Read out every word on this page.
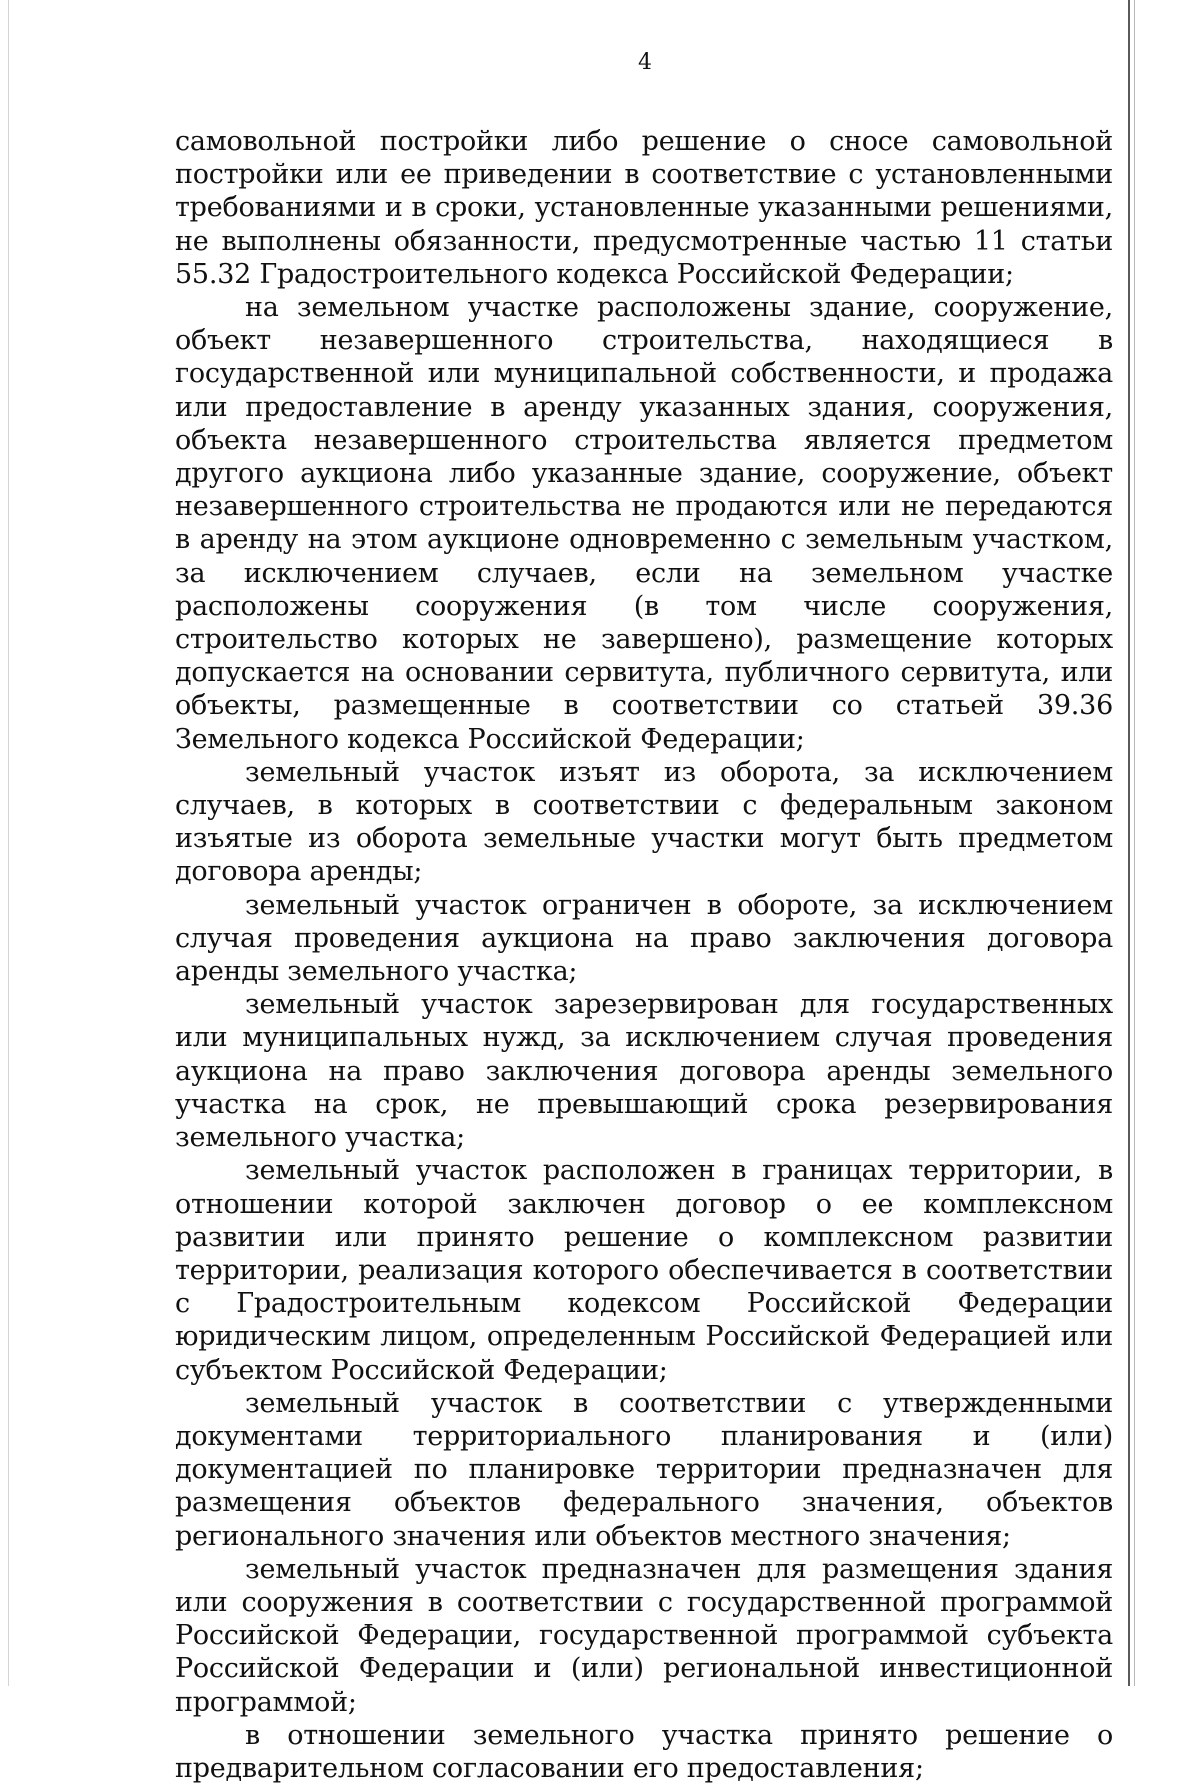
4

самовольной постройки либо решение о сносе самовольной постройки или ее приведении в соответствие с установленными требованиями и в сроки, установленные указанными решениями, не выполнены обязанности, предусмотренные частью 11 статьи 55.32 Градостроительного кодекса Российской Федерации;

на земельном участке расположены здание, сооружение, объект незавершенного строительства, находящиеся в государственной или муниципальной собственности, и продажа или предоставление в аренду указанных здания, сооружения, объекта незавершенного строительства является предметом другого аукциона либо указанные здание, сооружение, объект незавершенного строительства не продаются или не передаются в аренду на этом аукционе одновременно с земельным участком, за исключением случаев, если на земельном участке расположены сооружения (в том числе сооружения, строительство которых не завершено), размещение которых допускается на основании сервитута, публичного сервитута, или объекты, размещенные в соответствии со статьей 39.36 Земельного кодекса Российской Федерации;

земельный участок изъят из оборота, за исключением случаев, в которых в соответствии с федеральным законом изъятые из оборота земельные участки могут быть предметом договора аренды;

земельный участок ограничен в обороте, за исключением случая проведения аукциона на право заключения договора аренды земельного участка;

земельный участок зарезервирован для государственных или муниципальных нужд, за исключением случая проведения аукциона на право заключения договора аренды земельного участка на срок, не превышающий срока резервирования земельного участка;

земельный участок расположен в границах территории, в отношении которой заключен договор о ее комплексном развитии или принято решение о комплексном развитии территории, реализация которого обеспечивается в соответствии с Градостроительным кодексом Российской Федерации юридическим лицом, определенным Российской Федерацией или субъектом Российской Федерации;

земельный участок в соответствии с утвержденными документами территориального планирования и (или) документацией по планировке территории предназначен для размещения объектов федерального значения, объектов регионального значения или объектов местного значения;

земельный участок предназначен для размещения здания или сооружения в соответствии с государственной программой Российской Федерации, государственной программой субъекта Российской Федерации и (или) региональной инвестиционной программой;

в отношении земельного участка принято решение о предварительном согласовании его предоставления;
